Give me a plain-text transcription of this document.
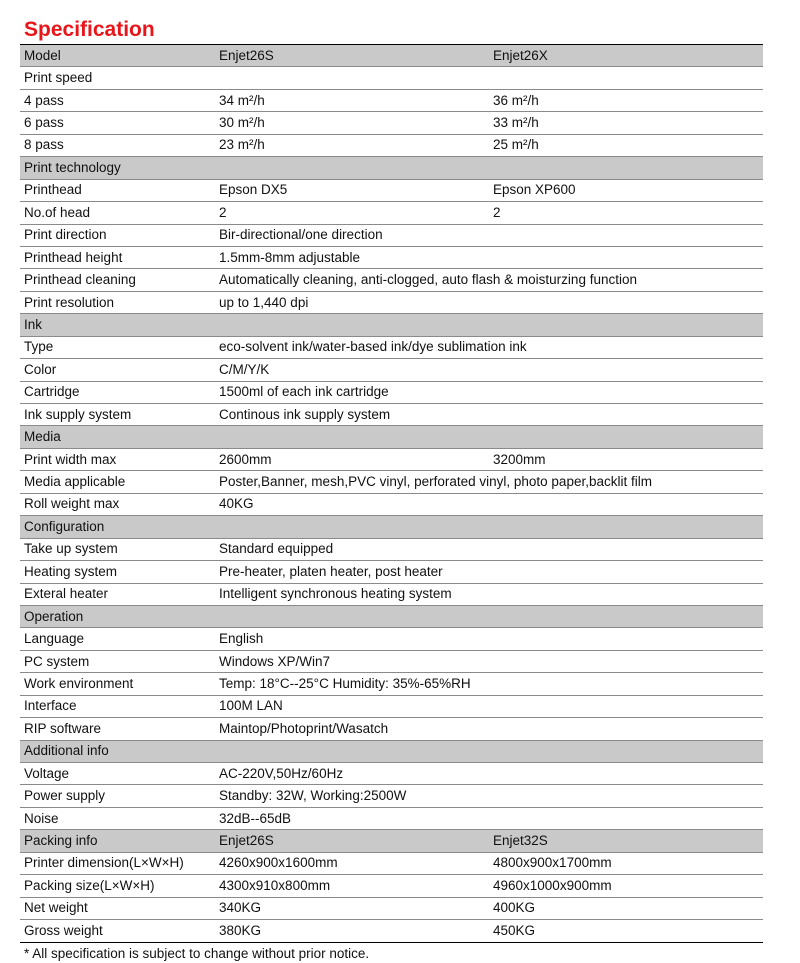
Specification
Model	Enjet26S	Enjet26X
Print speed		
4 pass	34 m²/h	36 m²/h
6 pass	30 m²/h	33 m²/h
8 pass	23 m²/h	25 m²/h
Print technology		
Printhead	Epson DX5	Epson XP600
No.of head	2	2
Print direction	Bir-directional/one direction	
Printhead height	1.5mm-8mm adjustable	
Printhead cleaning	Automatically cleaning, anti-clogged, auto flash & moisturzing function	
Print resolution	up to 1,440 dpi	
Ink		
Type	eco-solvent ink/water-based ink/dye sublimation ink	
Color	C/M/Y/K	
Cartridge	1500ml of each ink cartridge	
Ink supply system	Continous ink supply system	
Media		
Print width max	2600mm	3200mm
Media applicable	Poster,Banner, mesh,PVC vinyl, perforated vinyl, photo paper,backlit film	
Roll weight max	40KG	
Configuration		
Take up system	Standard equipped	
Heating system	Pre-heater, platen heater, post heater	
Exteral heater	Intelligent synchronous heating system	
Operation		
Language	English	
PC system	Windows XP/Win7	
Work environment	Temp: 18°C--25°C Humidity: 35%-65%RH	
Interface	100M LAN	
RIP software	Maintop/Photoprint/Wasatch	
Additional info		
Voltage	AC-220V,50Hz/60Hz	
Power supply	Standby: 32W, Working:2500W	
Noise	32dB--65dB	
Packing info	Enjet26S	Enjet32S
Printer dimension(L×W×H)	4260x900x1600mm	4800x900x1700mm
Packing size(L×W×H)	4300x910x800mm	4960x1000x900mm
Net weight	340KG	400KG
Gross weight	380KG	450KG
* All specification is subject to change without prior notice.
